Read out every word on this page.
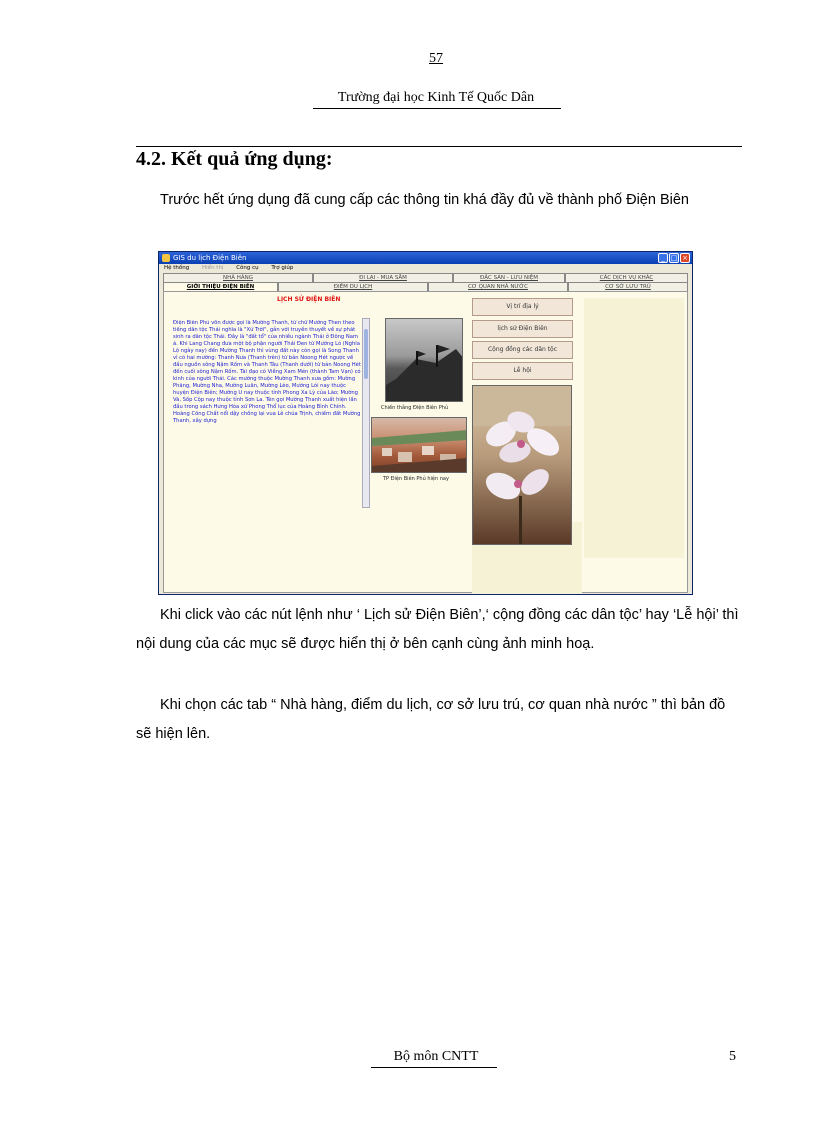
57
Trường đại học Kinh Tế Quốc Dân
4.2. Kết quả ứng dụng:
Trước hết ứng dụng đã cung cấp các thông tin khá đầy đủ về thành phố Điện Biên
GIS du lịch Điện Biên	_ □ ×
Hệ thống Hiển thị Công cụ Trợ giúp
NHÀ HÀNG	ĐI LẠI - MUA SẮM	ĐẶC SẢN - LƯU NIỆM	CÁC DỊCH VỤ KHÁC
GIỚI THIỆU ĐIỆN BIÊN	ĐIỂM DU LỊCH	CƠ QUAN NHÀ NƯỚC	CƠ SỞ LƯU TRÚ
LỊCH SỬ ĐIỆN BIÊN
Điện Biên Phủ vốn được gọi là Mường Thanh, từ chữ Mường Then theo tiếng dân tộc Thái nghĩa là "Xứ Trời", gắn với truyền thuyết về sự phát sinh ra dân tộc Thái. Đây là "đất tổ" của nhiều ngành Thái ở Đông Nam á. Khi Lang Chang đưa một bộ phận người Thái Đen từ Mường Lò (Nghĩa Lộ ngày nay) đến Mường Thanh thì vùng đất này còn gọi là Song Thanh vì có hai mường: Thanh Nưa (Thanh trên) từ bản Noong Hét ngược về đầu nguồn sông Nậm Rốm và Thanh Tâu (Thanh dưới) từ bản Noong Hét đến cuối sông Nậm Rốm. Tài đạo có Viềng Xam Mén (thành Tam Vạn) có kinh của người Thái. Các mường thuộc Mường Thanh xưa gồm: Mường Phăng, Mường Nha, Mường Luân, Mường Lèo, Mường Lói nay thuộc huyện Điện Biên; Mường U nay thuộc tỉnh Phong Xa Lỳ của Lào; Mường Và, Sốp Cộp nay thuộc tỉnh Sơn La. Tên gọi Mường Thanh xuất hiện lần đầu trong sách Hưng Hóa xứ Phong Thổ lục của Hoàng Bình Chính. Hoàng Công Chất nổi dậy chống lại vua Lê chúa Trịnh, chiếm đất Mường Thanh, xây dựng
Chiến thắng Điện Biên Phủ
TP Điện Biên Phủ hiện nay
Vị trí địa lý
lịch sử Điện Biên
Cộng đồng các dân tộc
Lễ hội
Khi click vào các nút lệnh như ‘ Lịch sử Điện Biên’,‘ cộng đồng các dân tộc’ hay ‘Lễ hội’ thì nội dung của các mục sẽ được hiển thị ở bên cạnh cùng ảnh minh hoạ.
Khi chọn các tab “ Nhà hàng, điểm du lịch, cơ sở lưu trú, cơ quan nhà nước ” thì bản đồ sẽ hiện lên.
Bộ môn CNTT	5
